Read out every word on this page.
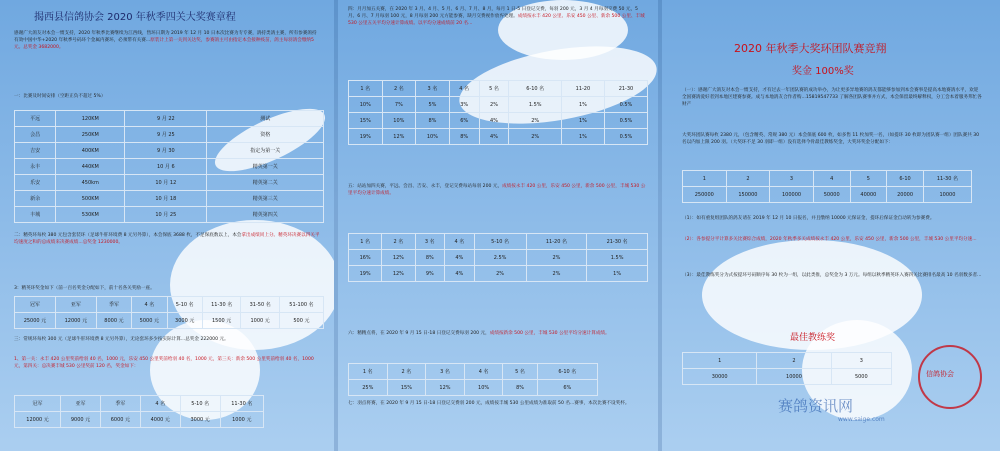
揭西县信鸽协会 2020 年秋季四关大奖赛章程
感谢广大鸽友对本会一惯支持，2020 年秋季比赛继续为江西线，售环日期为 2019 年 12 月 10 日本次比赛为专专赛，鸽持类鸽主赛，所有参赛鸽持有效中国中华+2020 年秋季号码环个金属内赛环，必须带有关赛...原装计上第一关到关达奖，参赛鸽主可由指定本会接种疫苗，鸽主每羽鸽会缴纳5元。总奖金 3682000。
一：比赛及时间安排（空距正负不超过 5%）
平远	120KM	9 月 22	测试
会昌	250KM	9 月 25	资格
吉安	400KM	9 月 30	指定为第一关
永丰	440KM	10 月 6	精英第一关
乐安	450km	10 月 12	精英第二关
新余	500KM	10 月 18	精英第三关
丰城	530KM	10 月 25	精英第四关
二：精英环每枚 380 元包含套装环（足球牛肝环境费 8 元另外算），本会保底 3688 枚，不足保底数以上，本会拿出成绩同上分。精英环决赛以四关平均速度之和的总成绩来决赛成绩...总奖金 1230000。
3：精英环奖金如下（前一百名奖金分配如下，前十名各关奖励一座。
冠军	亚军	季军	4 名	5-10 名	11-30 名	31-50 名	51-100 名
25000 元	12000 元	8000 元	5000 元	3000 元	1500 元	1000 元	500 元
三：常规环每枚 300 元（足球牛肝环境费 8 元另外算），无论套环多少按实际计算...总奖金 222000 元。
1、第一关：永丰 420 公里奖前给羽 40 名，1000 元，乐安 450 公里奖前给羽 40 名，1000 元，第三关：新余 500 公里奖前给羽 40 名，1000 元，第四关：总决赛丰城 530 公里奖前 120 名，奖金如下：
冠军	亚军	季军	4 名	5-10 名	11-30 名
12000 元	9000 元	6000 元	4000 元	3000 元	1000 元
四：月月加五关赛，在 2020 年 3 月、4 月、5 月、6 月、7 月、8 月，每月 1 日-5 日登记交费，每羽 200 元，3 月 4 月每羽交费 50 元，5 月、6 月、7 月每羽 100 元，8 月每羽 200 元方能参赛，缺月交费视作放弃处理。成绩按永丰 420 公里、乐安 450 公里、新余 500 公里、丰城 530 公里五关平均分速计算成绩。以平均分速成绩前 20 名...
1 名	2 名	3 名	4 名	5 名	6-10 名	11-20	21-30
10%	7%	5%	3%	2%	1.5%	1%	0.5%
15%	10%	8%	6%	4%	2%	1%	0.5%
19%	12%	10%	8%	4%	2%	1%	0.5%
五：站站加四关赛，平远、会昌、吉安、永丰，登记交费每站每羽 200 元，成绩按永丰 420 公里，乐安 450 公里，新余 500 公里，丰城 530 公里平均分速计算成绩。
1 名	2 名	3 名	4 名	5-10 名	11-20 名	21-30 名
16%	12%	8%	4%	2.5%	2%	1.5%
19%	12%	9%	4%	2%	2%	1%
六：精精点将，在 2020 年 9 月 15 日-18 日登记交费每羽 200 元，成绩按新余 500 公里，丰城 530 公里平均分速计算成绩。
1 名	2 名	3 名	4 名	5 名	6-10 名
25%	15%	12%	10%	8%	6%
七：羽点将赛，在 2020 年 9 月 15 日-18 日登记交费羽 200 元，成绩按丰城 530 公里成绩为准取前 50 名...赛事，本次比赛不设奖杯。
2020 年秋季大奖环团队赛竞翔
奖金 100%奖
（一）：感谢广大鸽友对本会一惯支持，才有过去一年团队赛的成功举办，为让更多异地赛的鸽友都能够参加到本会赛事是提高本地赛鸽水平，欢迎全国赛鸽爱好者到本地区建赛参赛。成与本地鸽友合作者购...15819547733 了解各团队赛事并方式，本会保留最终解释权，分工会本着服务邦忙各财产
大奖环团队赛每枚 2380 元，（包含精英、常规 380 元）本会保底 600 枚，如多售 11 枚加奖一名，（如提环 30 枚即为团队赛一组）团队赛共 30 名以内加上限 200 羽。（大奖环不足 30 羽即一组）没有选择今骨最佳教练奖金，大奖环奖金分配如下：
1	2	3	4	5	6-10	11-30 名
250000	150000	100000	50000	40000	20000	10000
（1）：如有重复组团队的鸽友请在 2019 年 12 月 10 日报名，并且缴纳 10000 元保证金，提环后保证金自动转为参赛费。
（2）：各参提分平计算多关比赛综合成绩，2020 年秋季多关成绩按永丰 420 公里，乐安 450 公里，新余 500 公里，丰城 530 公里平均分速...
（3）：最佳教练奖分为式按提环号码顺序每 30 枚为一组，以此类推，总奖金为 3 万元。每组以秋季精英环入赛四关比赛排名最高 10 名羽数多者...
最佳教练奖
1	2	3
30000	10000	5000	信鸽协会
赛鸽资讯网
www.saige.com
